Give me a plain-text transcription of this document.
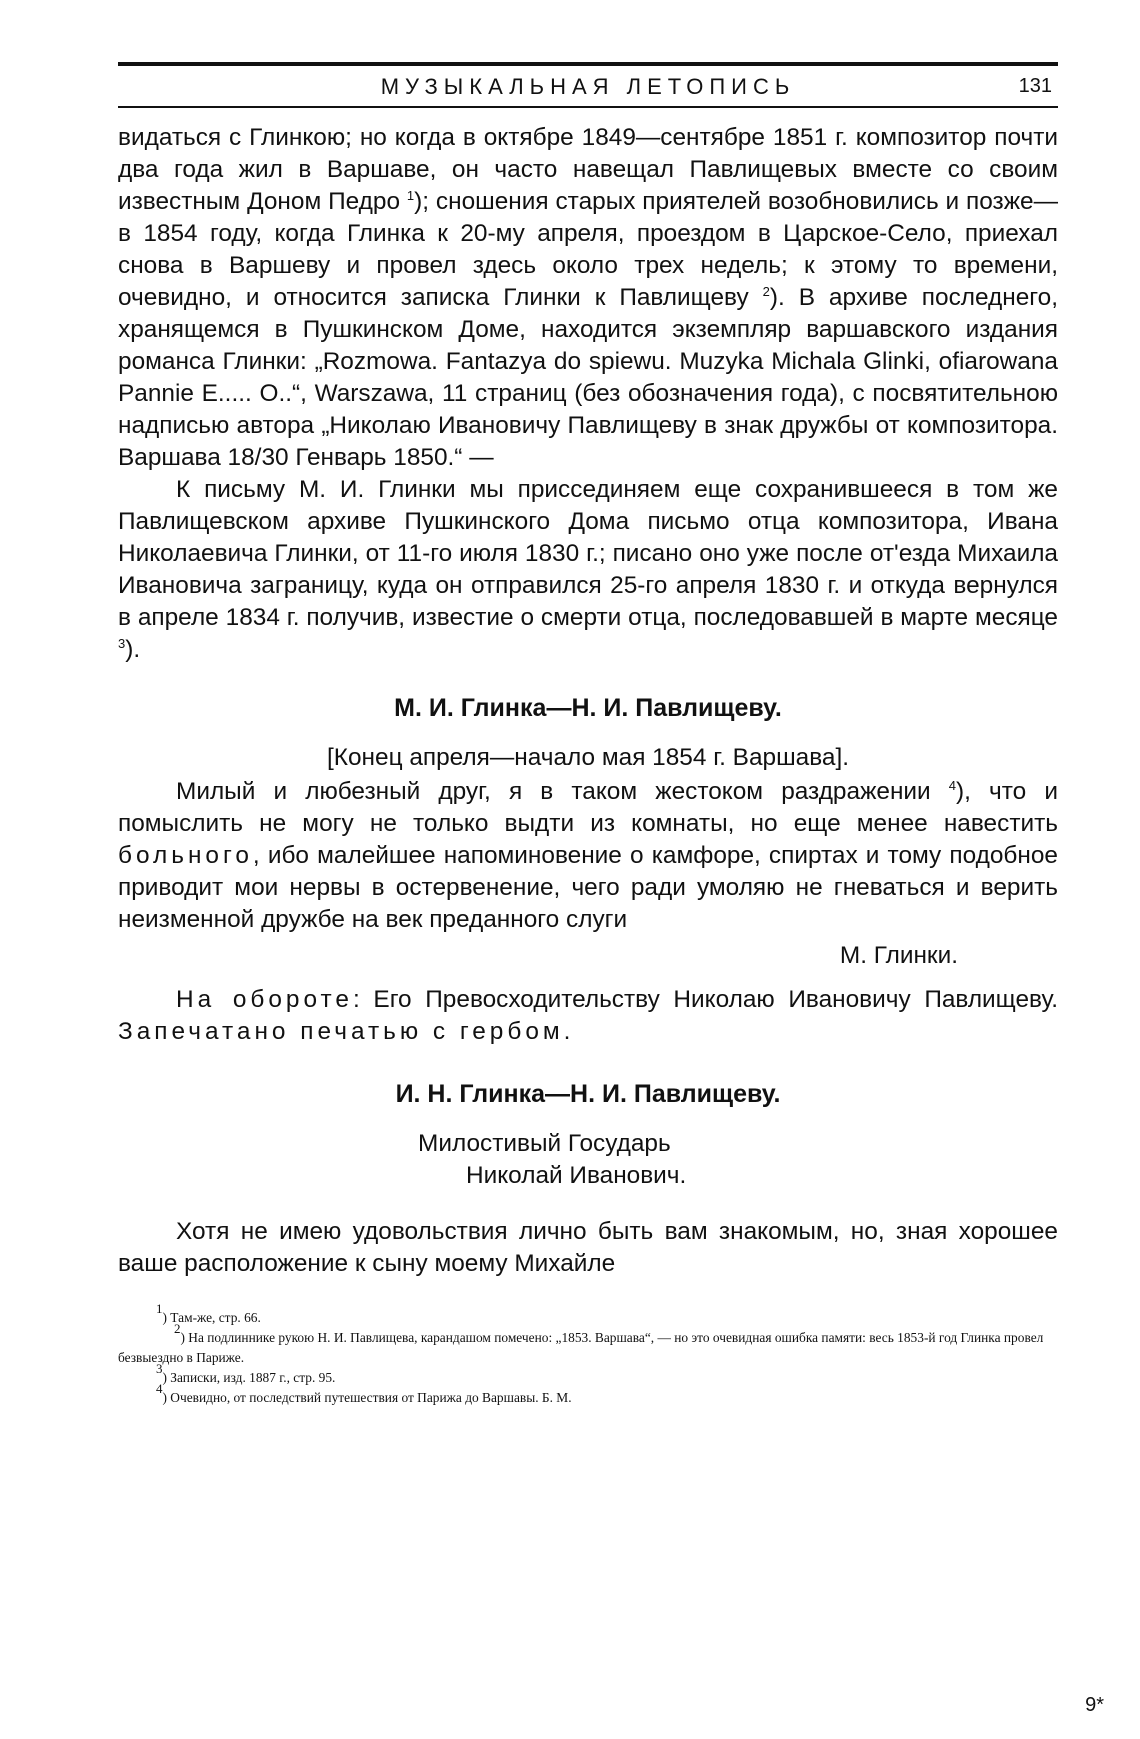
МУЗЫКАЛЬНАЯ ЛЕТОПИСЬ	131

видаться с Глинкою; но когда в октябре 1849—сентябре 1851 г. композитор почти два года жил в Варшаве, он часто навещал Павлищевых вместе со своим известным Доном Педро $^1$); сношения старых приятелей возобновились и позже—в 1854 году, когда Глинка к 20-му апреля, проездом в Царское-Село, приехал снова в Варшеву и провел здесь около трех недель; к этому то времени, очевидно, и относится записка Глинки к Павлищеву $^2$). В архиве последнего, хранящемся в Пушкинском Доме, находится экземпляр варшавского издания романса Глинки: „Rozmowa. Fantazya do spiewu. Muzyka Michala Glinki, ofiarowana Pannie E..... O..“, Warszawa, 11 страниц (без обозначения года), с посвятительною надписью автора „Николаю Ивановичу Павлищеву в знак дружбы от композитора. Варшава 18/30 Генварь 1850.“ —

К письму М. И. Глинки мы приссединяем еще сохранившееся в том же Павлищевском архиве Пушкинского Дома письмо отца композитора, Ивана Николаевича Глинки, от 11-го июля 1830 г.; писано оно уже после от'езда Михаила Ивановича заграницу, куда он отправился 25-го апреля 1830 г. и откуда вернулся в апреле 1834 г. получив, известие о смерти отца, последовавшей в марте месяце $^3$).

М. И. Глинка—Н. И. Павлищеву.

[Конец апреля—начало мая 1854 г. Варшава].

Милый и любезный друг, я в таком жестоком раздражении $^4$), что и помыслить не могу не только выдти из комнаты, но еще менее навестить больного, ибо малейшее напоминовение о камфоре, спиртах и тому подобное приводит мои нервы в остервенение, чего ради умоляю не гневаться и верить неизменной дружбе на век преданного слуги

М. Глинки.

На обороте: Его Превосходительству Николаю Ивановичу Павлищеву. Запечатано печатью с гербом.

И. Н. Глинка—Н. И. Павлищеву.

Милостивый Государь

Николай Иванович.

Хотя не имею удовольствия лично быть вам знакомым, но, зная хорошее ваше расположение к сыну моему Михайле

$^1$) Там-же, стр. 66.

$^2$) На подлиннике рукою Н. И. Павлищева, карандашом помечено: „1853. Варшава“, — но это очевидная ошибка памяти: весь 1853-й год Глинка провел безвыездно в Париже.

$^3$) Записки, изд. 1887 г., стр. 95.

$^4$) Очевидно, от последствий путешествия от Парижа до Варшавы. Б. М.

9*
